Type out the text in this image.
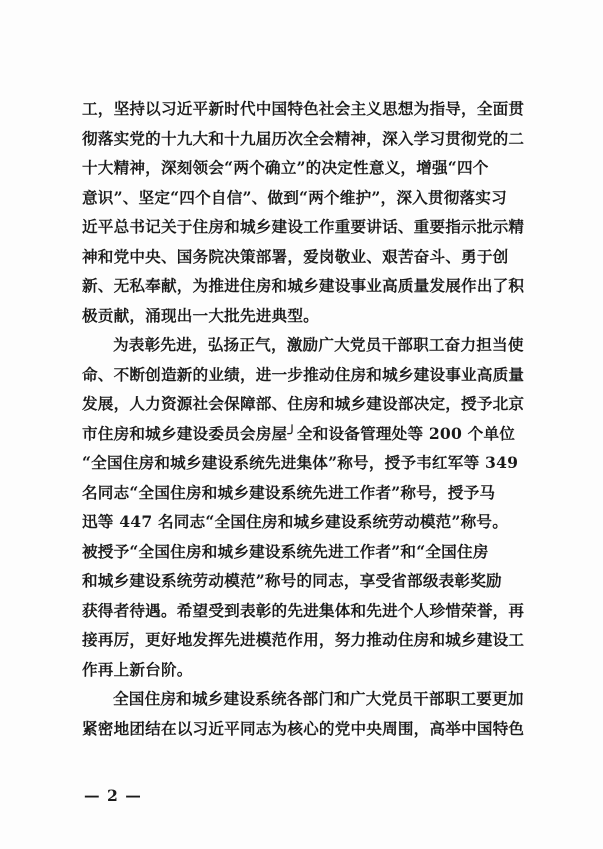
工，坚持以习近平新时代中国特色社会主义思想为指导，全面贯
彻落实党的十九大和十九届历次全会精神，深入学习贯彻党的二
十大精神，深刻领会“两个确立”的决定性意义，增强“四个
意识”、坚定“四个自信”、做到“两个维护”，深入贯彻落实习
近平总书记关于住房和城乡建设工作重要讲话、重要指示批示精
神和党中央、国务院决策部署，爱岗敬业、艰苦奋斗、勇于创
新、无私奉献，为推进住房和城乡建设事业高质量发展作出了积
极贡献，涌现出一大批先进典型。
为表彰先进，弘扬正气，激励广大党员干部职工奋力担当使
命、不断创造新的业绩，进一步推动住房和城乡建设事业高质量
发展，人力资源社会保障部、住房和城乡建设部决定，授予北京
市住房和城乡建设委员会房屋╯全和设备管理处等 200 个单位
“全国住房和城乡建设系统先进集体”称号，授予韦红军等 349
名同志“全国住房和城乡建设系统先进工作者”称号，授予马
迅等 447 名同志“全国住房和城乡建设系统劳动模范”称号。
被授予“全国住房和城乡建设系统先进工作者”和“全国住房
和城乡建设系统劳动模范”称号的同志，享受省部级表彰奖励
获得者待遇。希望受到表彰的先进集体和先进个人珍惜荣誉，再
接再厉，更好地发挥先进模范作用，努力推动住房和城乡建设工
作再上新台阶。
全国住房和城乡建设系统各部门和广大党员干部职工要更加
紧密地团结在以习近平同志为核心的党中央周围，高举中国特色
— 2 —
